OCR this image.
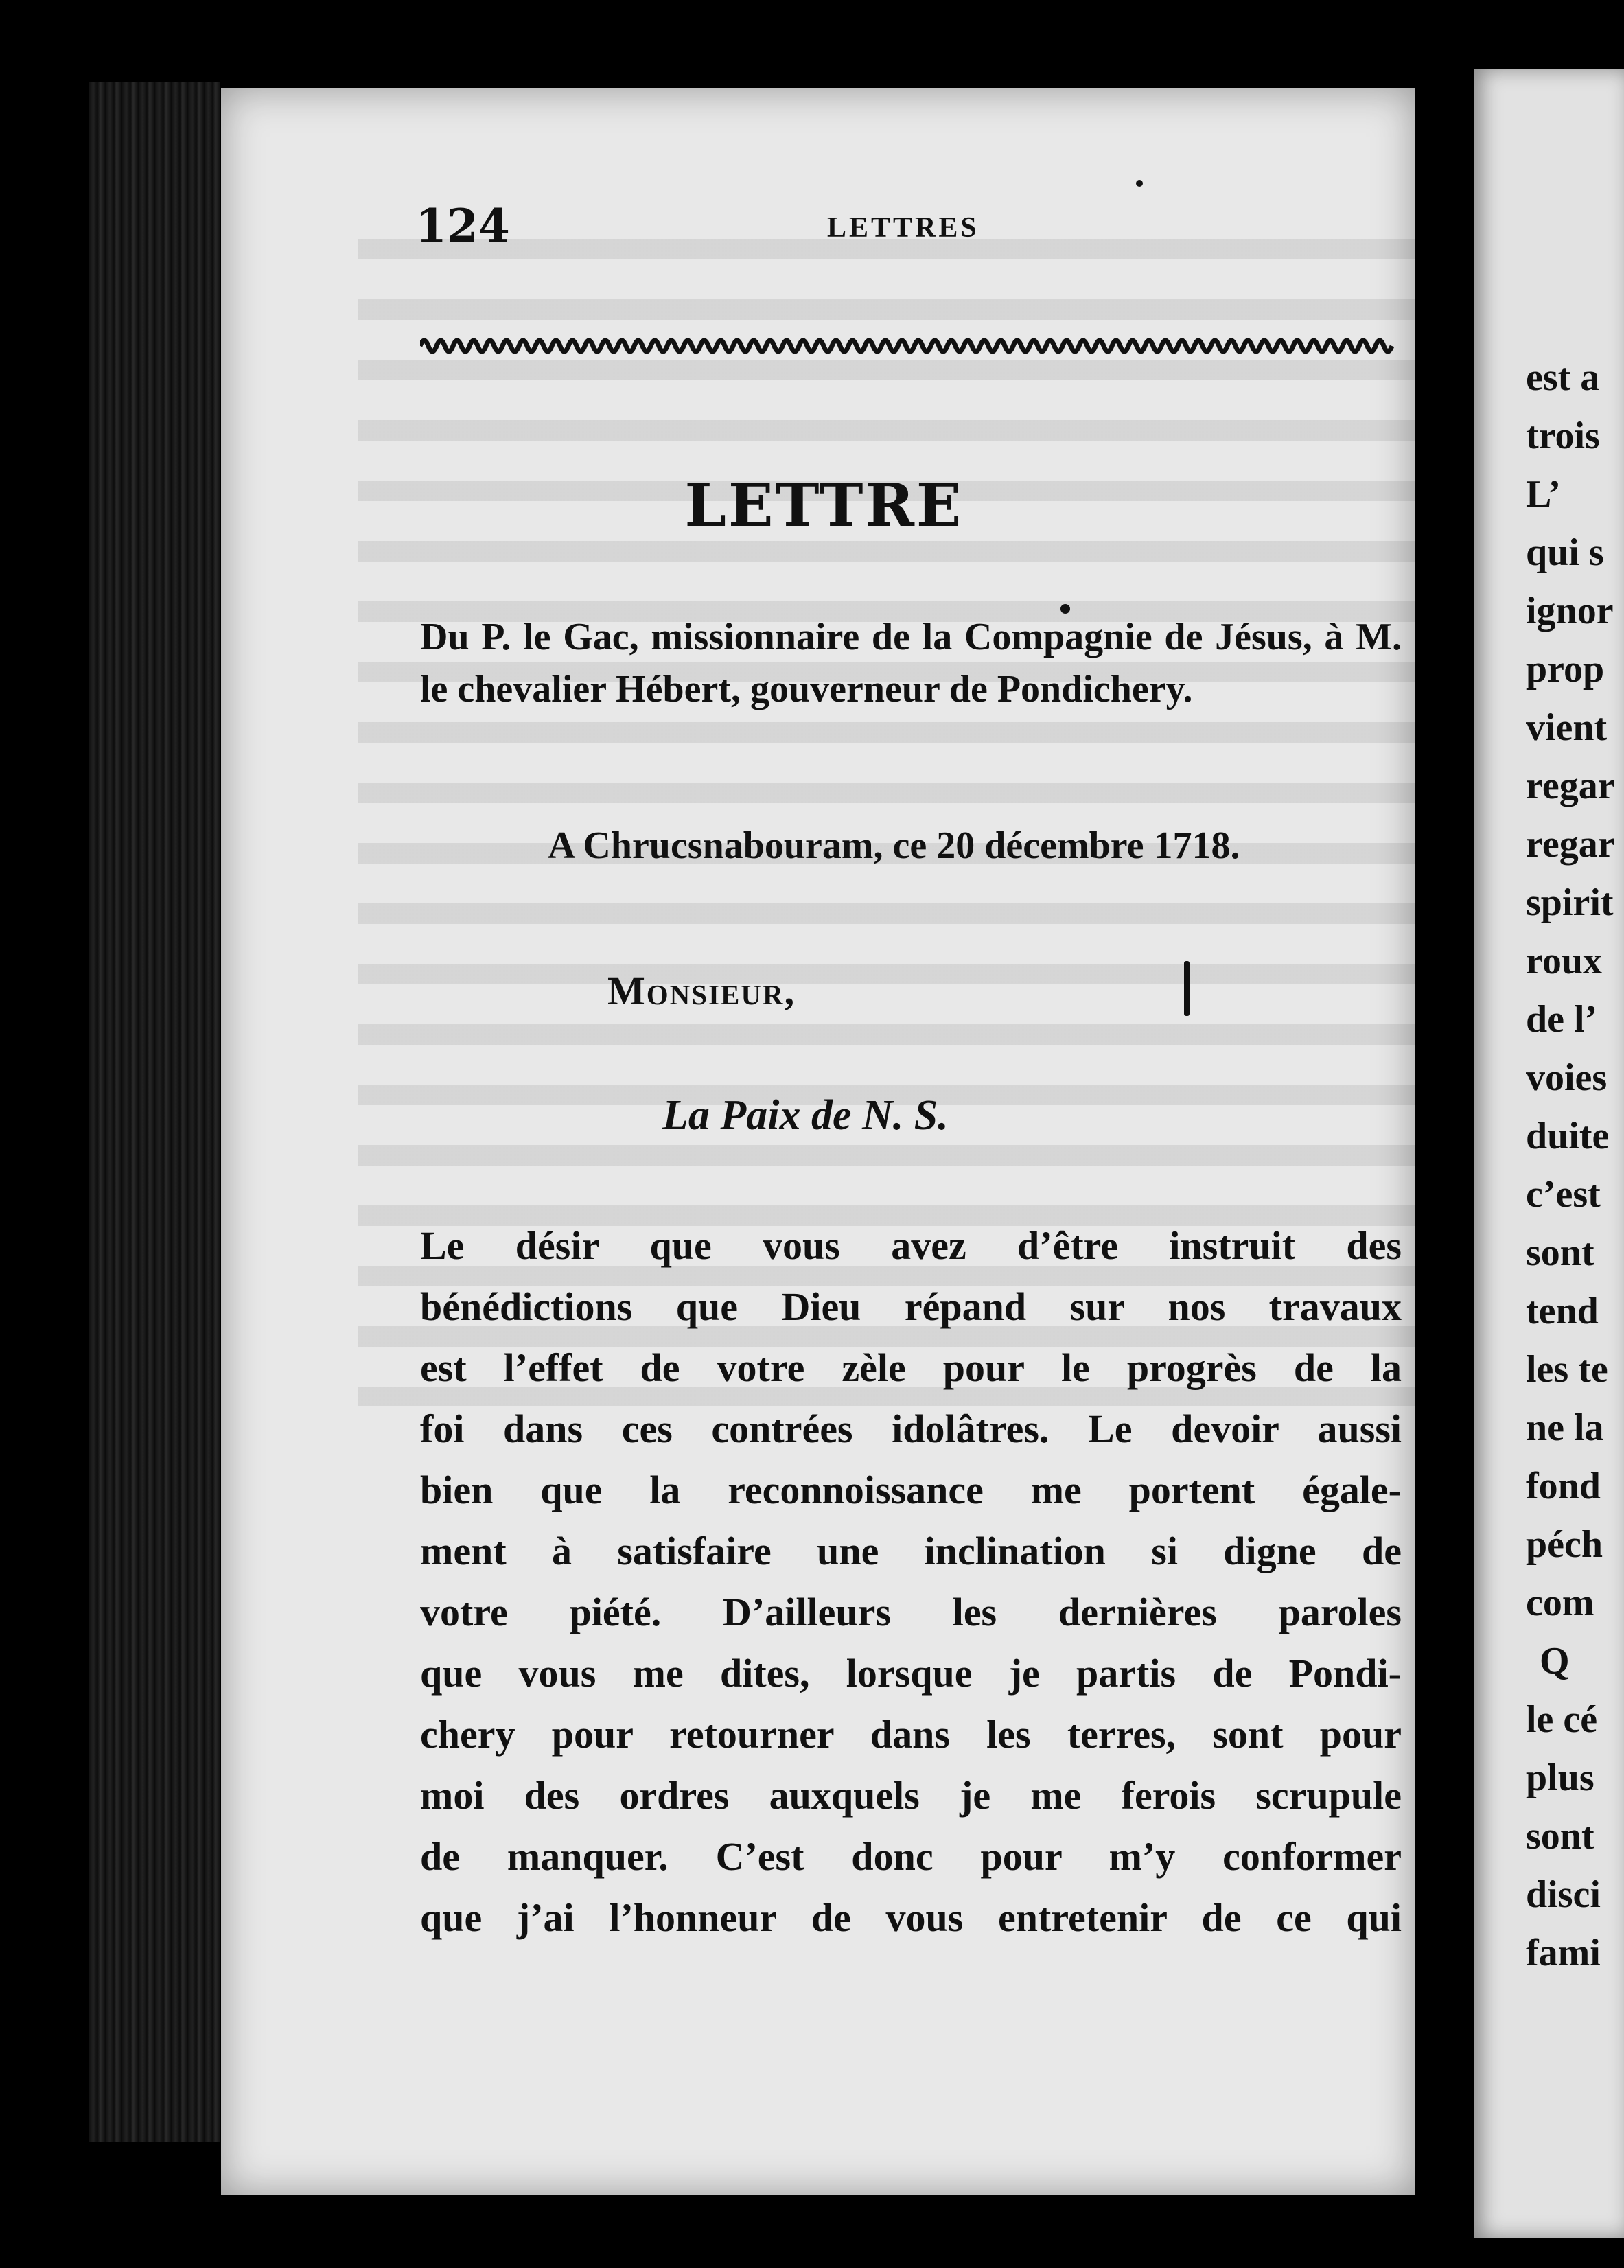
124	LETTRES
LETTRE
Du P. le Gac, missionnaire de la Compagnie de Jésus, à M. le chevalier Hébert, gouverneur de Pondichery.
A Chrucsnabouram, ce 20 décembre 1718.
Monsieur,
La Paix de N. S.
Le désir que vous avez d’être instruit des
bénédictions que Dieu répand sur nos travaux
est l’effet de votre zèle pour le progrès de la
foi dans ces contrées idolâtres. Le devoir aussi
bien que la reconnoissance me portent égale-
ment à satisfaire une inclination si digne de
votre piété. D’ailleurs les dernières paroles
que vous me dites, lorsque je partis de Pondi-
chery pour retourner dans les terres, sont pour
moi des ordres auxquels je me ferois scrupule
de manquer. C’est donc pour m’y conformer
que j’ai l’honneur de vous entretenir de ce qui
est a
trois
L’
qui s
ignor
prop
vient
regar
regar
spirit
roux
de l’
voies
duite
c’est
sont
tend
les te
ne la
fond
péch
com
Q
le cé
plus
sont
disci
fami
